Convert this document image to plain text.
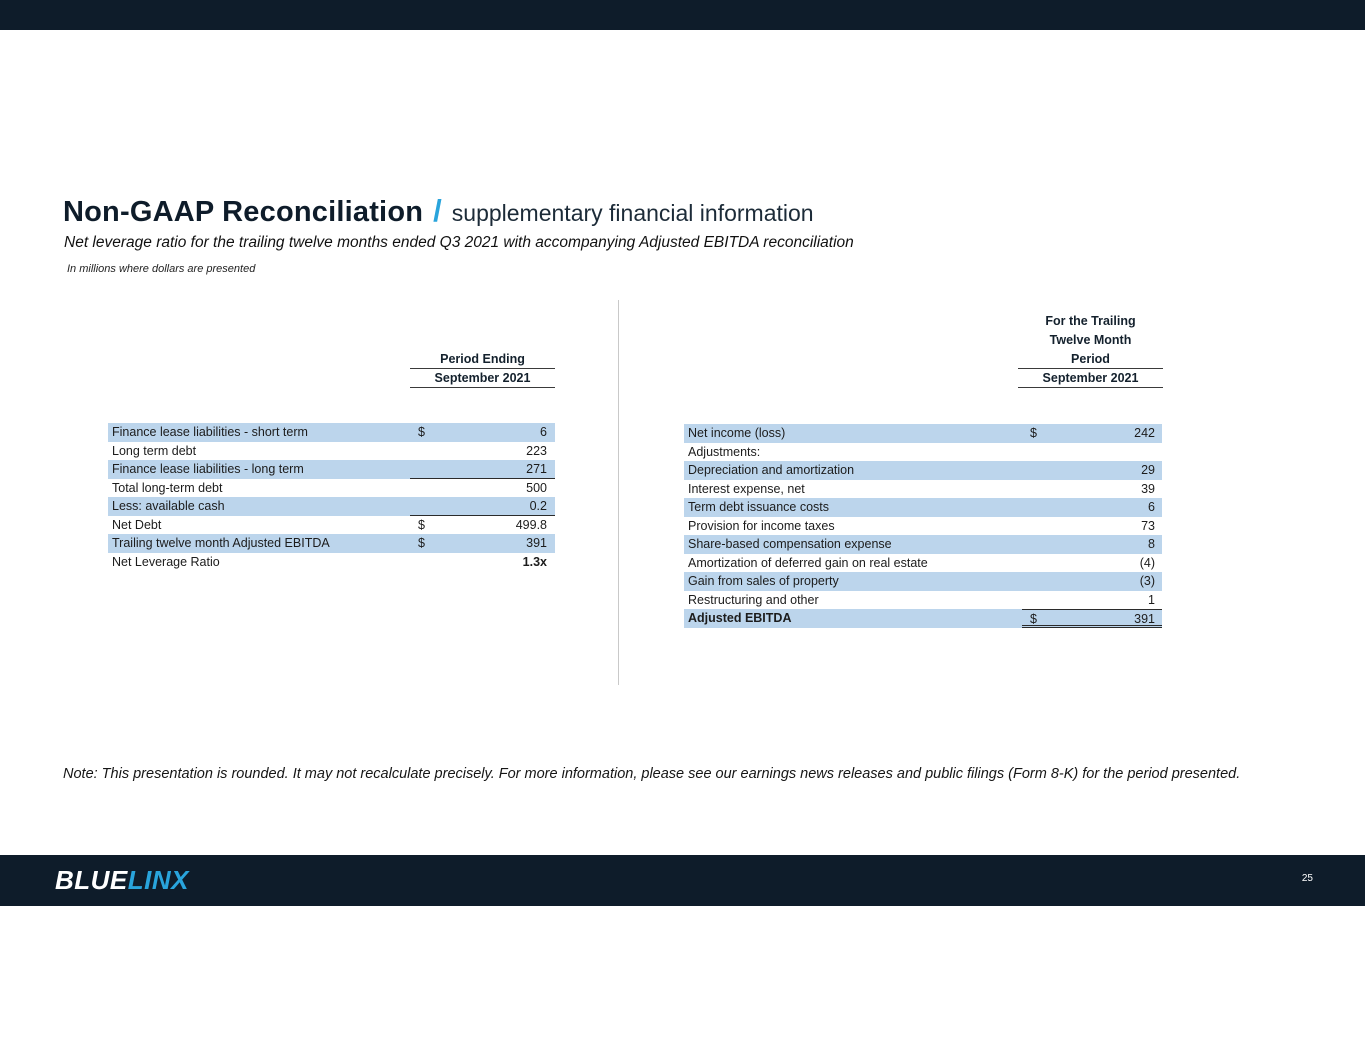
Non-GAAP Reconciliation / supplementary financial information
Net leverage ratio for the trailing twelve months ended Q3 2021 with accompanying Adjusted EBITDA reconciliation
In millions where dollars are presented
Period Ending
September 2021
Finance lease liabilities - short term	$	6
Long term debt	223
Finance lease liabilities - long term	271
Total long-term debt	500
Less: available cash	0.2
Net Debt	$	499.8
Trailing twelve month Adjusted EBITDA	$	391
Net Leverage Ratio	1.3x
For the Trailing
Twelve Month
Period
September 2021
Net income (loss)	$	242
Adjustments:
Depreciation and amortization	29
Interest expense, net	39
Term debt issuance costs	6
Provision for income taxes	73
Share-based compensation expense	8
Amortization of deferred gain on real estate	(4)
Gain from sales of property	(3)
Restructuring and other	1
Adjusted EBITDA	$	391
Note: This presentation is rounded. It may not recalculate precisely. For more information, please see our earnings news releases and public filings (Form 8-K) for the period presented.
BLUELINX	25
